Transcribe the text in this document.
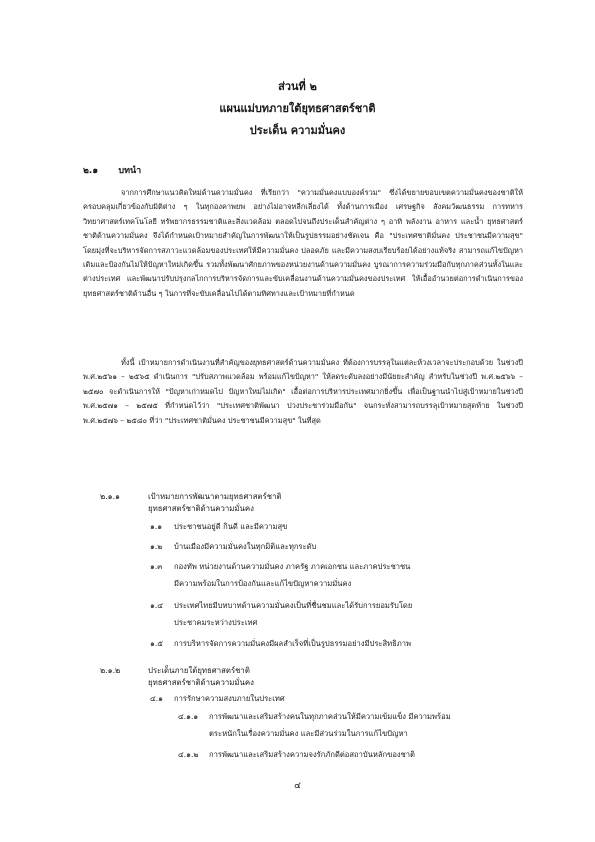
ส่วนที่ ๒
แผนแม่บทภายใต้ยุทธศาสตร์ชาติ
ประเด็น ความมั่นคง
๒.๑ บทนำ
จากการศึกษาแนวคิดใหม่ด้านความมั่นคง ที่เรียกว่า "ความมั่นคงแบบองค์รวม" ซึ่งได้ขยายขอบเขตความมั่นคงของชาติให้ครอบคลุมเกี่ยวข้องกับมิติต่าง ๆ ในทุกองคาพยพ อย่างไม่อาจหลีกเลี่ยงได้ ทั้งด้านการเมือง เศรษฐกิจ สังคมวัฒนธรรม การทหาร วิทยาศาสตร์เทคโนโลยี ทรัพยากรธรรมชาติและสิ่งแวดล้อม ตลอดไปจนถึงประเด็นสำคัญต่าง ๆ อาทิ พลังงาน อาหาร และน้ำ ยุทธศาสตร์ชาติด้านความมั่นคง จึงได้กำหนดเป้าหมายสำคัญในการพัฒนาให้เป็นรูปธรรมอย่างชัดเจน คือ "ประเทศชาติมั่นคง ประชาชนมีความสุข" โดยมุ่งที่จะบริหารจัดการสภาวะแวดล้อมของประเทศให้มีความมั่นคง ปลอดภัย และมีความสงบเรียบร้อยได้อย่างแท้จริง สามารถแก้ไขปัญหาเดิมและป้องกันไม่ให้ปัญหาใหม่เกิดขึ้น รวมทั้งพัฒนาศักยภาพของหน่วยงานด้านความมั่นคง บูรณาการความร่วมมือกับทุกภาคส่วนทั้งในและต่างประเทศ และพัฒนาปรับปรุงกลไกการบริหารจัดการและขับเคลื่อนงานด้านความมั่นคงของประเทศ ให้เอื้ออำนวยต่อการดำเนินการของยุทธศาสตร์ชาติด้านอื่น ๆ ในการที่จะขับเคลื่อนไปได้ตามทิศทางและเป้าหมายที่กำหนด
ทั้งนี้ เป้าหมายการดำเนินงานที่สำคัญของยุทธศาสตร์ด้านความมั่นคง ที่ต้องการบรรลุในแต่ละห้วงเวลาจะประกอบด้วย ในช่วงปี พ.ศ.๒๕๖๑ – ๒๕๖๕ ดำเนินการ "ปรับสภาพแวดล้อม พร้อมแก้ไขปัญหา" ให้ลดระดับลงอย่างมีนัยยะสำคัญ สำหรับในช่วงปี พ.ศ.๒๕๖๖ – ๒๕๗๐ จะดำเนินการให้ "ปัญหาเก่าหมดไป ปัญหาใหม่ไม่เกิด" เอื้อต่อการบริหารประเทศมากยิ่งขึ้น เพื่อเป็นฐานนำไปสู่เป้าหมายในช่วงปี พ.ศ.๒๕๗๑ – ๒๕๗๕ ที่กำหนดไว้ว่า "ประเทศชาติพัฒนา ปวงประชาร่วมมือกัน" จนกระทั่งสามารถบรรลุเป้าหมายสุดท้าย ในช่วงปี พ.ศ.๒๕๗๖ – ๒๕๘๐ ที่ว่า "ประเทศชาติมั่นคง ประชาชนมีความสุข" ในที่สุด
๒.๑.๑	เป้าหมายการพัฒนาตามยุทธศาสตร์ชาติ
ยุทธศาสตร์ชาติด้านความมั่นคง
๑.๑ ประชาชนอยู่ดี กินดี และมีความสุข
๑.๒ บ้านเมืองมีความมั่นคงในทุกมิติและทุกระดับ
๑.๓ กองทัพ หน่วยงานด้านความมั่นคง ภาครัฐ ภาคเอกชน และภาคประชาชน
มีความพร้อมในการป้องกันและแก้ไขปัญหาความมั่นคง
๑.๔ ประเทศไทยมีบทบาทด้านความมั่นคงเป็นที่ชื่นชมและได้รับการยอมรับโดย
ประชาคมระหว่างประเทศ
๑.๕ การบริหารจัดการความมั่นคงมีผลสำเร็จที่เป็นรูปธรรมอย่างมีประสิทธิภาพ
๒.๑.๒	ประเด็นภายใต้ยุทธศาสตร์ชาติ
ยุทธศาสตร์ชาติด้านความมั่นคง
๔.๑ การรักษาความสงบภายในประเทศ
๔.๑.๑ การพัฒนาและเสริมสร้างคนในทุกภาคส่วนให้มีความเข้มแข็ง มีความพร้อม
ตระหนักในเรื่องความมั่นคง และมีส่วนร่วมในการแก้ไขปัญหา
๔.๑.๒ การพัฒนาและเสริมสร้างความจงรักภักดีต่อสถาบันหลักของชาติ
๔
